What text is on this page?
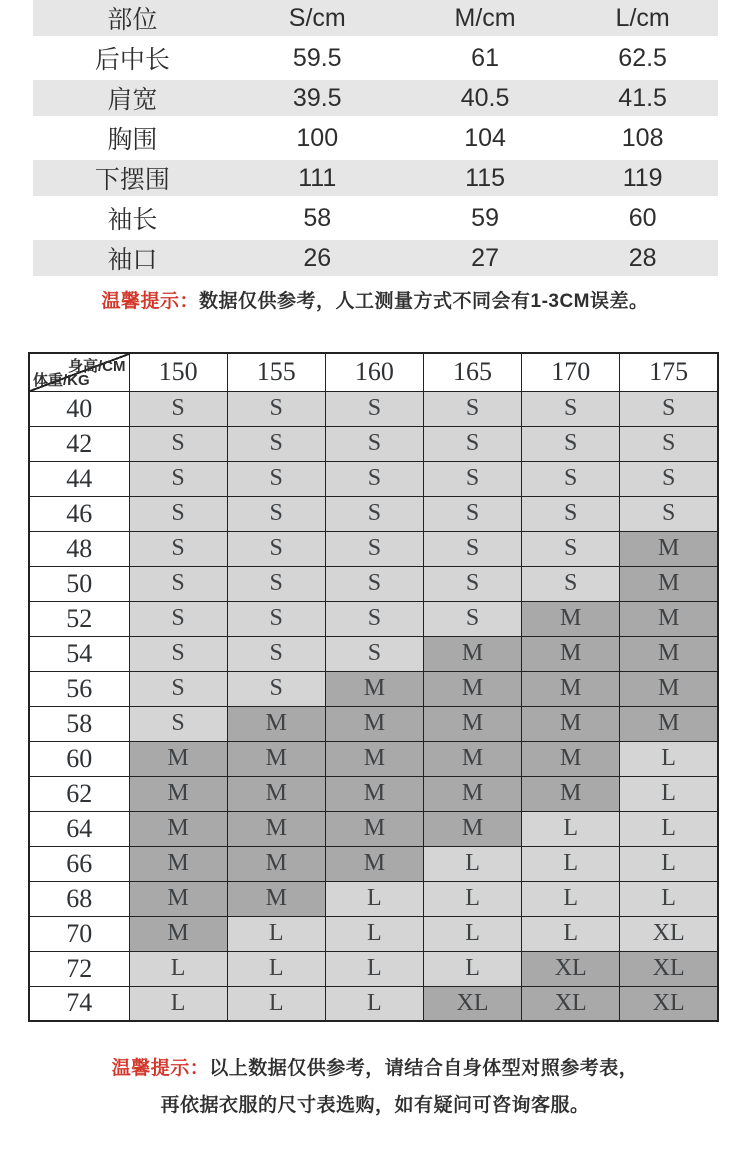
部位	S/cm	M/cm	L/cm
后中长	59.5	61	62.5
肩宽	39.5	40.5	41.5
胸围	100	104	108
下摆围	111	115	119
袖长	58	59	60
袖口	26	27	28

温馨提示：数据仅供参考，人工测量方式不同会有1-3CM误差。

身高/CM
体重/KG	150	155	160	165	170	175
40	S	S	S	S	S	S
42	S	S	S	S	S	S
44	S	S	S	S	S	S
46	S	S	S	S	S	S
48	S	S	S	S	S	M
50	S	S	S	S	S	M
52	S	S	S	S	M	M
54	S	S	S	M	M	M
56	S	S	M	M	M	M
58	S	M	M	M	M	M
60	M	M	M	M	M	L
62	M	M	M	M	M	L
64	M	M	M	M	L	L
66	M	M	M	L	L	L
68	M	M	L	L	L	L
70	M	L	L	L	L	XL
72	L	L	L	L	XL	XL
74	L	L	L	XL	XL	XL

温馨提示：以上数据仅供参考，请结合自身体型对照参考表，
再依据衣服的尺寸表选购，如有疑问可咨询客服。
